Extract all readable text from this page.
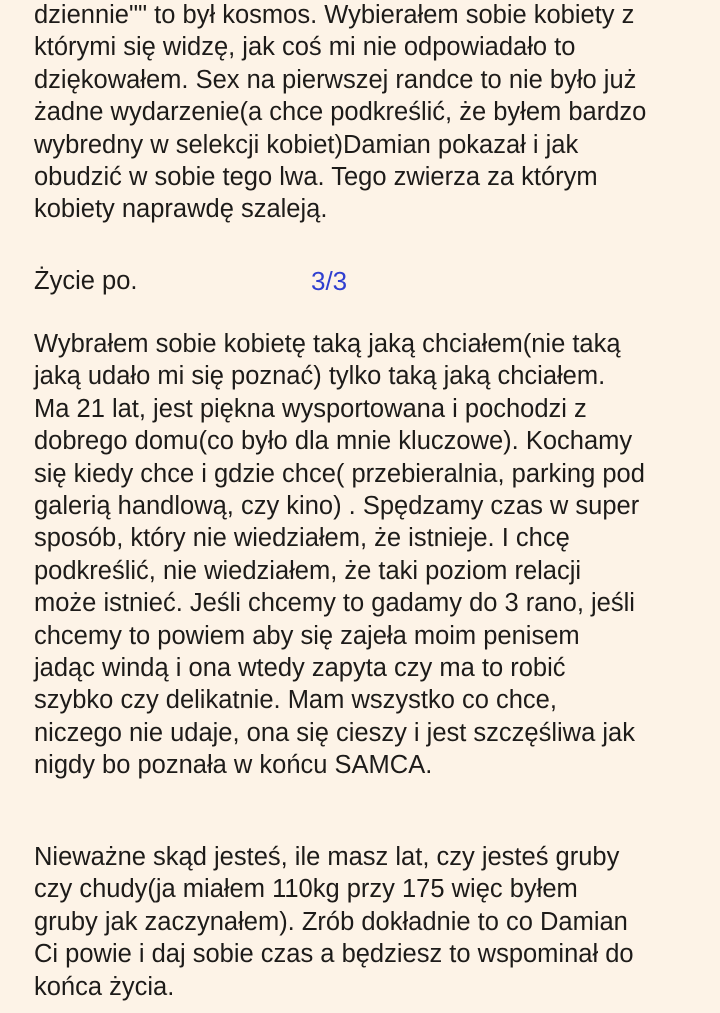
dziennie"" to był kosmos. Wybierałem sobie kobiety z
którymi się widzę, jak coś mi nie odpowiadało to
dziękowałem. Sex na pierwszej randce to nie było już
żadne wydarzenie(a chce podkreślić, że byłem bardzo
wybredny w selekcji kobiet)Damian pokazał i jak
obudzić w sobie tego lwa. Tego zwierza za którym
kobiety naprawdę szaleją.

Życie po.	3/3

Wybrałem sobie kobietę taką jaką chciałem(nie taką
jaką udało mi się poznać) tylko taką jaką chciałem.
Ma 21 lat, jest piękna wysportowana i pochodzi z
dobrego domu(co było dla mnie kluczowe). Kochamy
się kiedy chce i gdzie chce( przebieralnia, parking pod
galerią handlową, czy kino) . Spędzamy czas w super
sposób, który nie wiedziałem, że istnieje. I chcę
podkreślić, nie wiedziałem, że taki poziom relacji
może istnieć. Jeśli chcemy to gadamy do 3 rano, jeśli
chcemy to powiem aby się zajeła moim penisem
jadąc windą i ona wtedy zapyta czy ma to robić
szybko czy delikatnie. Mam wszystko co chce,
niczego nie udaje, ona się cieszy i jest szczęśliwa jak
nigdy bo poznała w końcu SAMCA.

Nieważne skąd jesteś, ile masz lat, czy jesteś gruby
czy chudy(ja miałem 110kg przy 175 więc byłem
gruby jak zaczynałem). Zrób dokładnie to co Damian
Ci powie i daj sobie czas a będziesz to wspominał do
końca życia.
